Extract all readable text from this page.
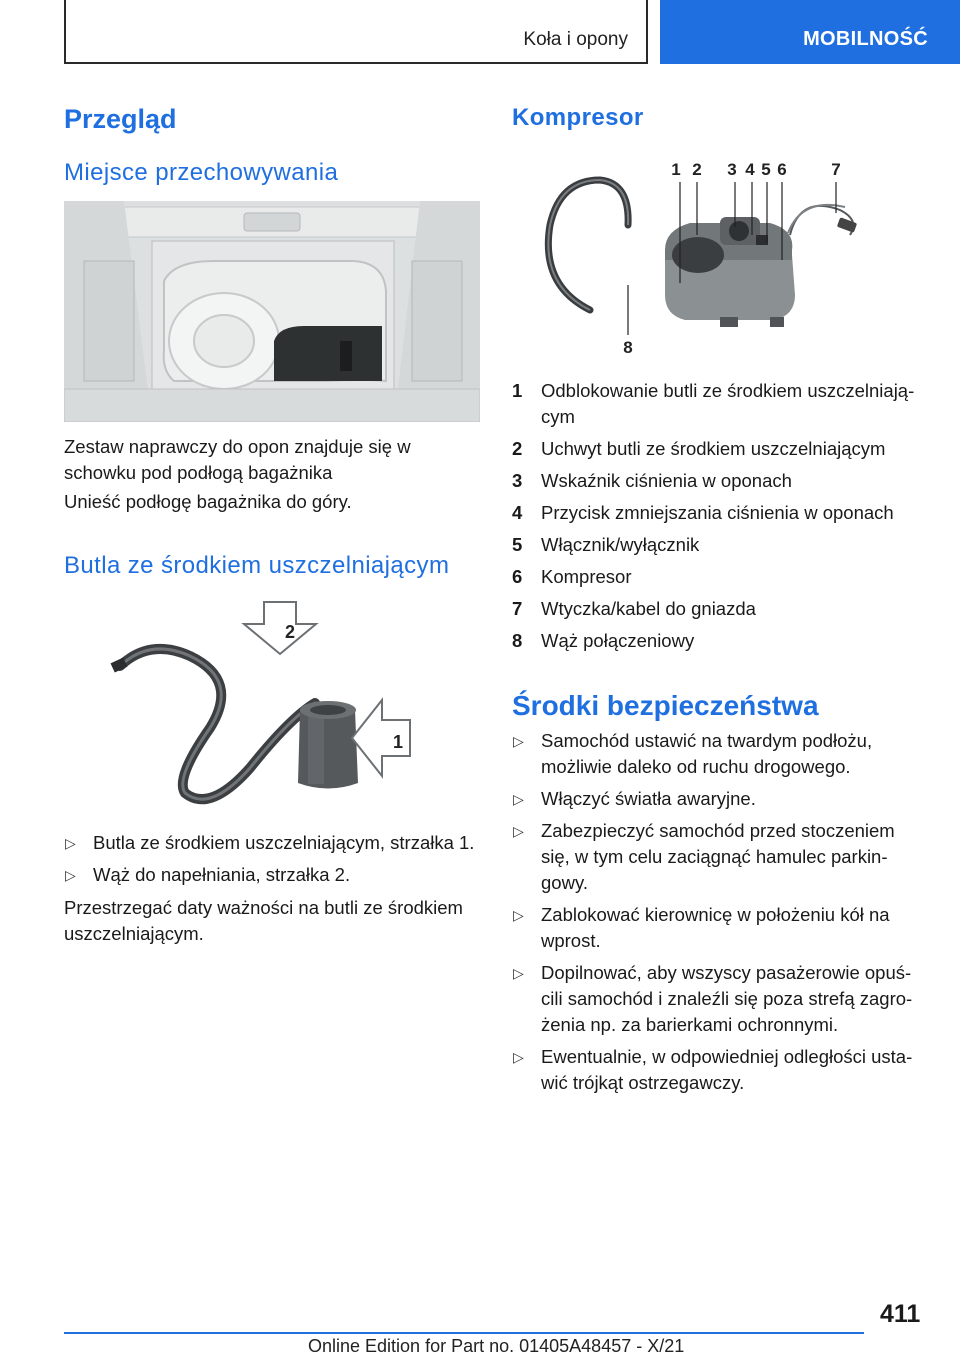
Koła i opony	MOBILNOŚĆ
Przegląd
Miejsce przechowywania
Zestaw naprawczy do opon znajduje się w schowku pod podłogą bagażnika
Unieść podłogę bagażnika do góry.
Butla ze środkiem uszczelniającym
2
1
▷ Butla ze środkiem uszczelniającym, strzałka 1.
▷ Wąż do napełniania, strzałka 2.
Przestrzegać daty ważności na butli ze środkiem uszczelniającym.
Kompresor
1 2 3 4 5 6	7
8
1 Odblokowanie butli ze środkiem uszczelniającym
2 Uchwyt butli ze środkiem uszczelniającym
3 Wskaźnik ciśnienia w oponach
4 Przycisk zmniejszania ciśnienia w oponach
5 Włącznik/wyłącznik
6 Kompresor
7 Wtyczka/kabel do gniazda
8 Wąż połączeniowy
Środki bezpieczeństwa
▷ Samochód ustawić na twardym podłożu, możliwie daleko od ruchu drogowego.
▷ Włączyć światła awaryjne.
▷ Zabezpieczyć samochód przed stoczeniem się, w tym celu zaciągnąć hamulec parkingowy.
▷ Zablokować kierownicę w położeniu kół na wprost.
▷ Dopilnować, aby wszyscy pasażerowie opuścili samochód i znaleźli się poza strefą zagrożenia np. za barierkami ochronnymi.
▷ Ewentualnie, w odpowiedniej odległości ustawić trójkąt ostrzegawczy.
411
Online Edition for Part no. 01405A48457 - X/21
